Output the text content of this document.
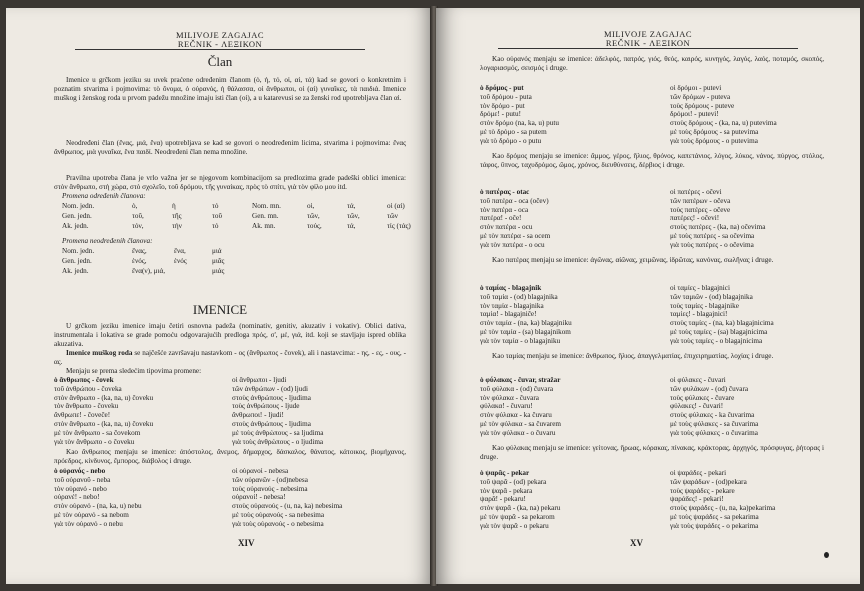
MILIVOJE ZAGAJAC
REČNIK - ΛΕΞΙΚΟΝ
Član
Imenice u grčkom jeziku su uvek praćene određenim članom (ὁ, ἡ, τό, οἱ, αἱ, τά) kad se govori o konkretnim i poznatim stvarima i pojmovima: τὸ ὄνομα, ὁ οὐρανός, ἡ θάλασσα, οἱ ἄνθρωποι, οἱ (αἱ) γυναῖκες, τὰ παιδιά. Imenice muškog i ženskog roda u prvom padežu množine imaju isti član (οἱ), a u katarevusi se za ženski rod upotrebljava član αἱ.
Neodređeni član (ἕνας, μιά, ἕνα) upotrebljava se kad se govori o neodređenim licima, stvarima i pojmovima: ἕνας ἄνθρωπος, μιὰ γυναῖκα, ἕνα παιδί. Neodređeni član nema množine.
Pravilna upotreba člana je vrlo važna jer se njegovom kombinacijom sa predlozima grade padeški oblici imenica: στὸν ἄνθρωπο, στὴ χώρα, στὸ σχολεῖο, τοῦ δρόμου, τῆς γυναίκας, πρὸς τὸ σπίτι, γιὰ τὸν φίλο μου itd.
Promena određenih članova:
Nom. jedn.	ὁ,	ἡ	τό	Nom. mn.	οἱ,	τά,	οἱ (αἱ)
Gen. jedn.	τοῦ,	τῆς	τοῦ	Gen. mn.	τῶν,	τῶν,	τῶν
Ak. jedn.	τόν,	τήν	τό	Ak. mn.	τούς,	τά,	τίς (τάς)
Promena neodređenih članova:
Nom. jedn.	ἕνας,	ἕνα,	μιά
Gen. jedn.	ἑνός,	ἑνός	μιᾶς
Ak. jedn.	ἕνα(ν), μιά,	μιάς
IMENICE
U grčkom jeziku imenice imaju četiri osnovna padeža (nominativ, genitiv, akuzativ i vokativ). Oblici dativa, instrumentala i lokativa se grade pomoću odgovarajućih predloga πρός, σ', μέ, γιά, itd. koji se stavljaju ispred oblika akuzativa.
Imenice muškog roda se najčešće završavaju nastavkom - ος (ἄνθρωπος - čovek), ali i nastavcima: - ης, - ες, - ους, - ας.
Menjaju se prema sledećim tipovima promene:
ὁ ἄνθρωπος - čovek	οἱ ἄνθρωποι - ljudi
τοῦ ἀνθρώπου - čoveka	τῶν ἀνθρώπων - (od) ljudi
στὸν ἄνθρωπο - (ka, na, u) čoveku	στοὺς ἀνθρώπους - ljudima
τὸν ἄνθρωπο - čoveku	τοὺς ἀνθρώπους - ljude
ἄνθρωπε! - čoveče!	ἄνθρωποι! - ljudi!
στὸν ἄνθρωπο - (ka, na, u) čoveku	στοὺς ἀνθρώπους - ljudima
μὲ τὸν ἄνθρωπο - sa čovekom	μὲ τοὺς ἀνθρώπους - sa ljudima
γιὰ τὸν ἄνθρωπο - o čoveku	γιὰ τοὺς ἀνθρώπους - o ljudima
Kao ἄνθρωπος menjaju se imenice: ἀπόστολος, ἄνεμος, δήμαρχος, δάσκαλος, θάνατος, κάτοικος, βιομήχανος, πρόεδρος, κίνδυνος, ἔμπορος, διάβολος i druge.
ὁ οὐρανός - nebo	οἱ οὐρανοί - nebesa
τοῦ οὐρανοῦ - neba	τῶν οὐρανῶν - (od)nebesa
τὸν οὐρανό - nebo	τοὺς οὐρανούς - nebesima
οὐρανέ! - nebo!	οὐρανοί! - nebesa!
στὸν οὐρανό - (na, ka, u) nebu	στοὺς οὐρανούς - (u, na, ka) nebesima
μὲ τὸν οὐρανό - sa nebom	μὲ τοὺς οὐρανούς - sa nebesima
γιὰ τὸν οὐρανό - o nebu	γιὰ τοὺς οὐρανούς - o nebesima
XIV
MILIVOJE ZAGAJAC
REČNIK - ΛΕΞΙΚΟΝ
Kao οὐρανός menjaju se imenice: ἀδελφός, πατρός, γιός, θεός, καιρός, κυνηγός, λαγός, λαός, ποταμός, σκοπός, λογαριασμός, σεισμός i druge.
ὁ δρόμος - put	οἱ δρόμοι - putevi
τοῦ δρόμου - puta	τῶν δρόμων - puteva
τὸν δρόμο - put	τοὺς δρόμους - puteve
δρόμε! - putu!	δρόμοι! - putevi!
στὸν δρόμο (na, ka, u) putu	στοὺς δρόμους - (ka, na, u) putevima
μὲ τὸ δρόμο - sa putem	μὲ τοὺς δρόμους - sa putevima
γιὰ τὸ δρόμο - o putu	γιὰ τοὺς δρόμους - o putevima
Kao δρόμος menjaju se imenice: ἄμμος, γέρος, ἥλιος, θρόνος, καπετάνιος, λόγος, λύκος, νάνος, πύργος, στόλος, τάφος, ὕπνος, ταχυδρόμος, ὤμος, χρόνος, διευθύνσεις, δέρβιος i druge.
ὁ πατέρας - otac	οἱ πατέρες - očevi
τοῦ πατέρα - oca (očev)	τῶν πατέρων - očeva
τὸν πατέρα - oca	τοὺς πατέρες - očeve
πατέρα! - oče!	πατέρες! - očevi!
στὸν πατέρα - ocu	στοὺς πατέρες - (ka, na) očevima
μὲ τὸν πατέρα - sa ocem	μὲ τοὺς πατέρες - sa očevima
γιὰ τὸν πατέρα - o ocu	γιὰ τοὺς πατέρες - o očevima
Kao πατέρας menjaju se imenice: ἀγῶνας, αἰῶνας, χειμῶνας, ἱδρῶτας, κανόνας, σωλῆνας i druge.
ὁ ταμίας - blagajnik	οἱ ταμίες - blagajnici
τοῦ ταμία - (od) blagajnika	τῶν ταμιῶν - (od) blagajnika
τὸν ταμία - blagajnika	τοὺς ταμίες - blagajnike
ταμία! - blagajniče!	ταμίες! - blagajnici!
στὸν ταμία - (na, ka) blagajniku	στοὺς ταμίες - (na, ka) blagajnicima
μὲ τὸν ταμία - (sa) blagajnikom	μὲ τοὺς ταμίες - (sa) blagajnicima
γιὰ τὸν ταμία - o blagajniku	γιὰ τοὺς ταμίες - o blagajnicima
Kao ταμίας menjaju se imenice: ἄνθρωπος, ἥλιος, ἀπαγγελματίας, ἐπιχειρηματίας, λοχίας i druge.
ὁ φύλακας - čuvar, stražar	οἱ φύλακες - čuvari
τοῦ φύλακα - (od) čuvara	τῶν φυλάκων - (od) čuvara
τὸν φύλακα - čuvara	τοὺς φύλακες - čuvare
φύλακα! - čuvaru!	φύλακες! - čuvari!
στὸν φύλακα - ka čuvaru	στοὺς φύλακες - ka čuvarima
μὲ τὸν φύλακα - sa čuvarem	μὲ τοὺς φύλακες - sa čuvarima
γιὰ τὸν φύλακα - o čuvaru	γιὰ τοὺς φύλακες - o čuvarima
Kao φύλακας menjaju se imenice: γείτονας, ἥρωας, κόρακας, πίνακας, κράκτορας, ἀρχηγός, πρόσφυγας, ῥήτορας i druge.
ὁ ψαρᾶς - pekar	οἱ ψαράδες - pekari
τοῦ ψαρᾶ - (od) pekara	τῶν ψαράδων - (od)pekara
τὸν ψαρᾶ - pekara	τοὺς ψαράδες - pekare
ψαρᾶ! - pekaru!	ψαράδες! - pekari!
στὸν ψαρᾶ - (ka, na) pekaru	στοὺς ψαράδες - (u, na, ka)pekarima
μὲ τὸν ψαρᾶ - sa pekarom	μὲ τοὺς ψαράδες - sa pekarima
γιὰ τὸν ψαρᾶ - o pekaru	γιὰ τοὺς ψαράδες - o pekarima
XV
